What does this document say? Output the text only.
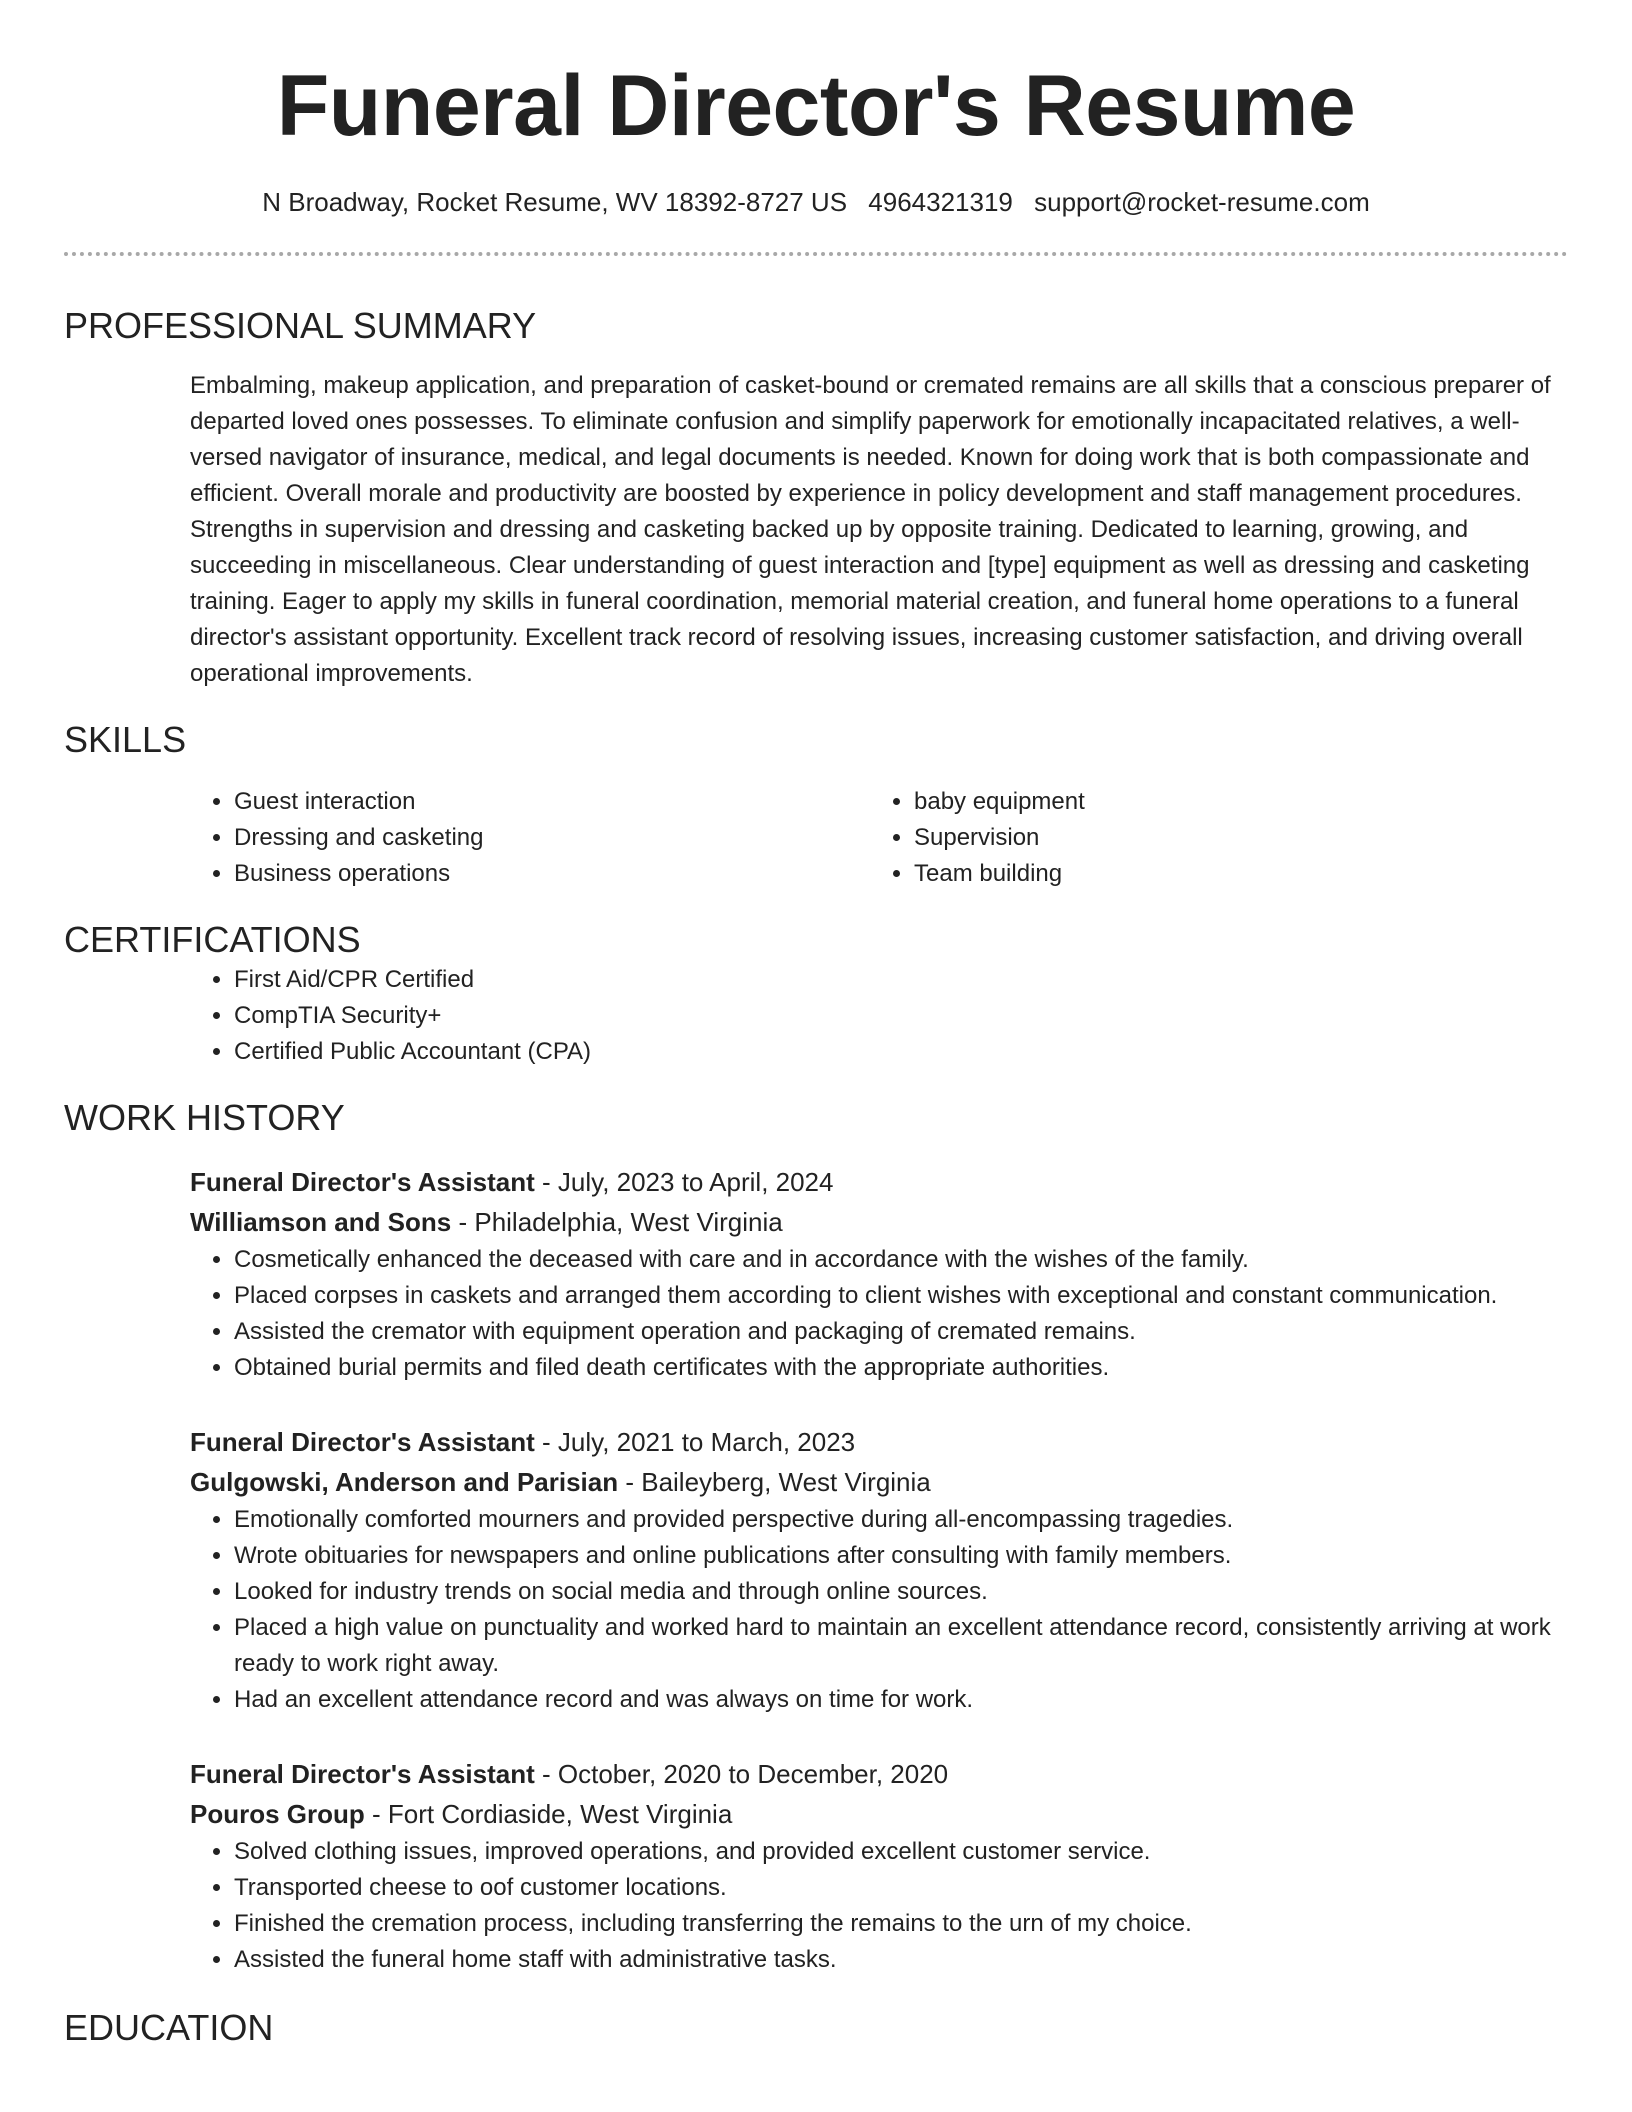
Funeral Director's Resume
N Broadway, Rocket Resume, WV 18392-8727 US 4964321319 support@rocket-resume.com
PROFESSIONAL SUMMARY
Embalming, makeup application, and preparation of casket-bound or cremated remains are all skills that a conscious preparer of departed loved ones possesses. To eliminate confusion and simplify paperwork for emotionally incapacitated relatives, a well-versed navigator of insurance, medical, and legal documents is needed. Known for doing work that is both compassionate and efficient. Overall morale and productivity are boosted by experience in policy development and staff management procedures. Strengths in supervision and dressing and casketing backed up by opposite training. Dedicated to learning, growing, and succeeding in miscellaneous. Clear understanding of guest interaction and [type] equipment as well as dressing and casketing training. Eager to apply my skills in funeral coordination, memorial material creation, and funeral home operations to a funeral director's assistant opportunity. Excellent track record of resolving issues, increasing customer satisfaction, and driving overall operational improvements.
SKILLS
• Guest interaction
• Dressing and casketing
• Business operations
• baby equipment
• Supervision
• Team building
CERTIFICATIONS
• First Aid/CPR Certified
• CompTIA Security+
• Certified Public Accountant (CPA)
WORK HISTORY
Funeral Director's Assistant - July, 2023 to April, 2024
Williamson and Sons - Philadelphia, West Virginia
• Cosmetically enhanced the deceased with care and in accordance with the wishes of the family.
• Placed corpses in caskets and arranged them according to client wishes with exceptional and constant communication.
• Assisted the cremator with equipment operation and packaging of cremated remains.
• Obtained burial permits and filed death certificates with the appropriate authorities.
Funeral Director's Assistant - July, 2021 to March, 2023
Gulgowski, Anderson and Parisian - Baileyberg, West Virginia
• Emotionally comforted mourners and provided perspective during all-encompassing tragedies.
• Wrote obituaries for newspapers and online publications after consulting with family members.
• Looked for industry trends on social media and through online sources.
• Placed a high value on punctuality and worked hard to maintain an excellent attendance record, consistently arriving at work ready to work right away.
• Had an excellent attendance record and was always on time for work.
Funeral Director's Assistant - October, 2020 to December, 2020
Pouros Group - Fort Cordiaside, West Virginia
• Solved clothing issues, improved operations, and provided excellent customer service.
• Transported cheese to oof customer locations.
• Finished the cremation process, including transferring the remains to the urn of my choice.
• Assisted the funeral home staff with administrative tasks.
EDUCATION
